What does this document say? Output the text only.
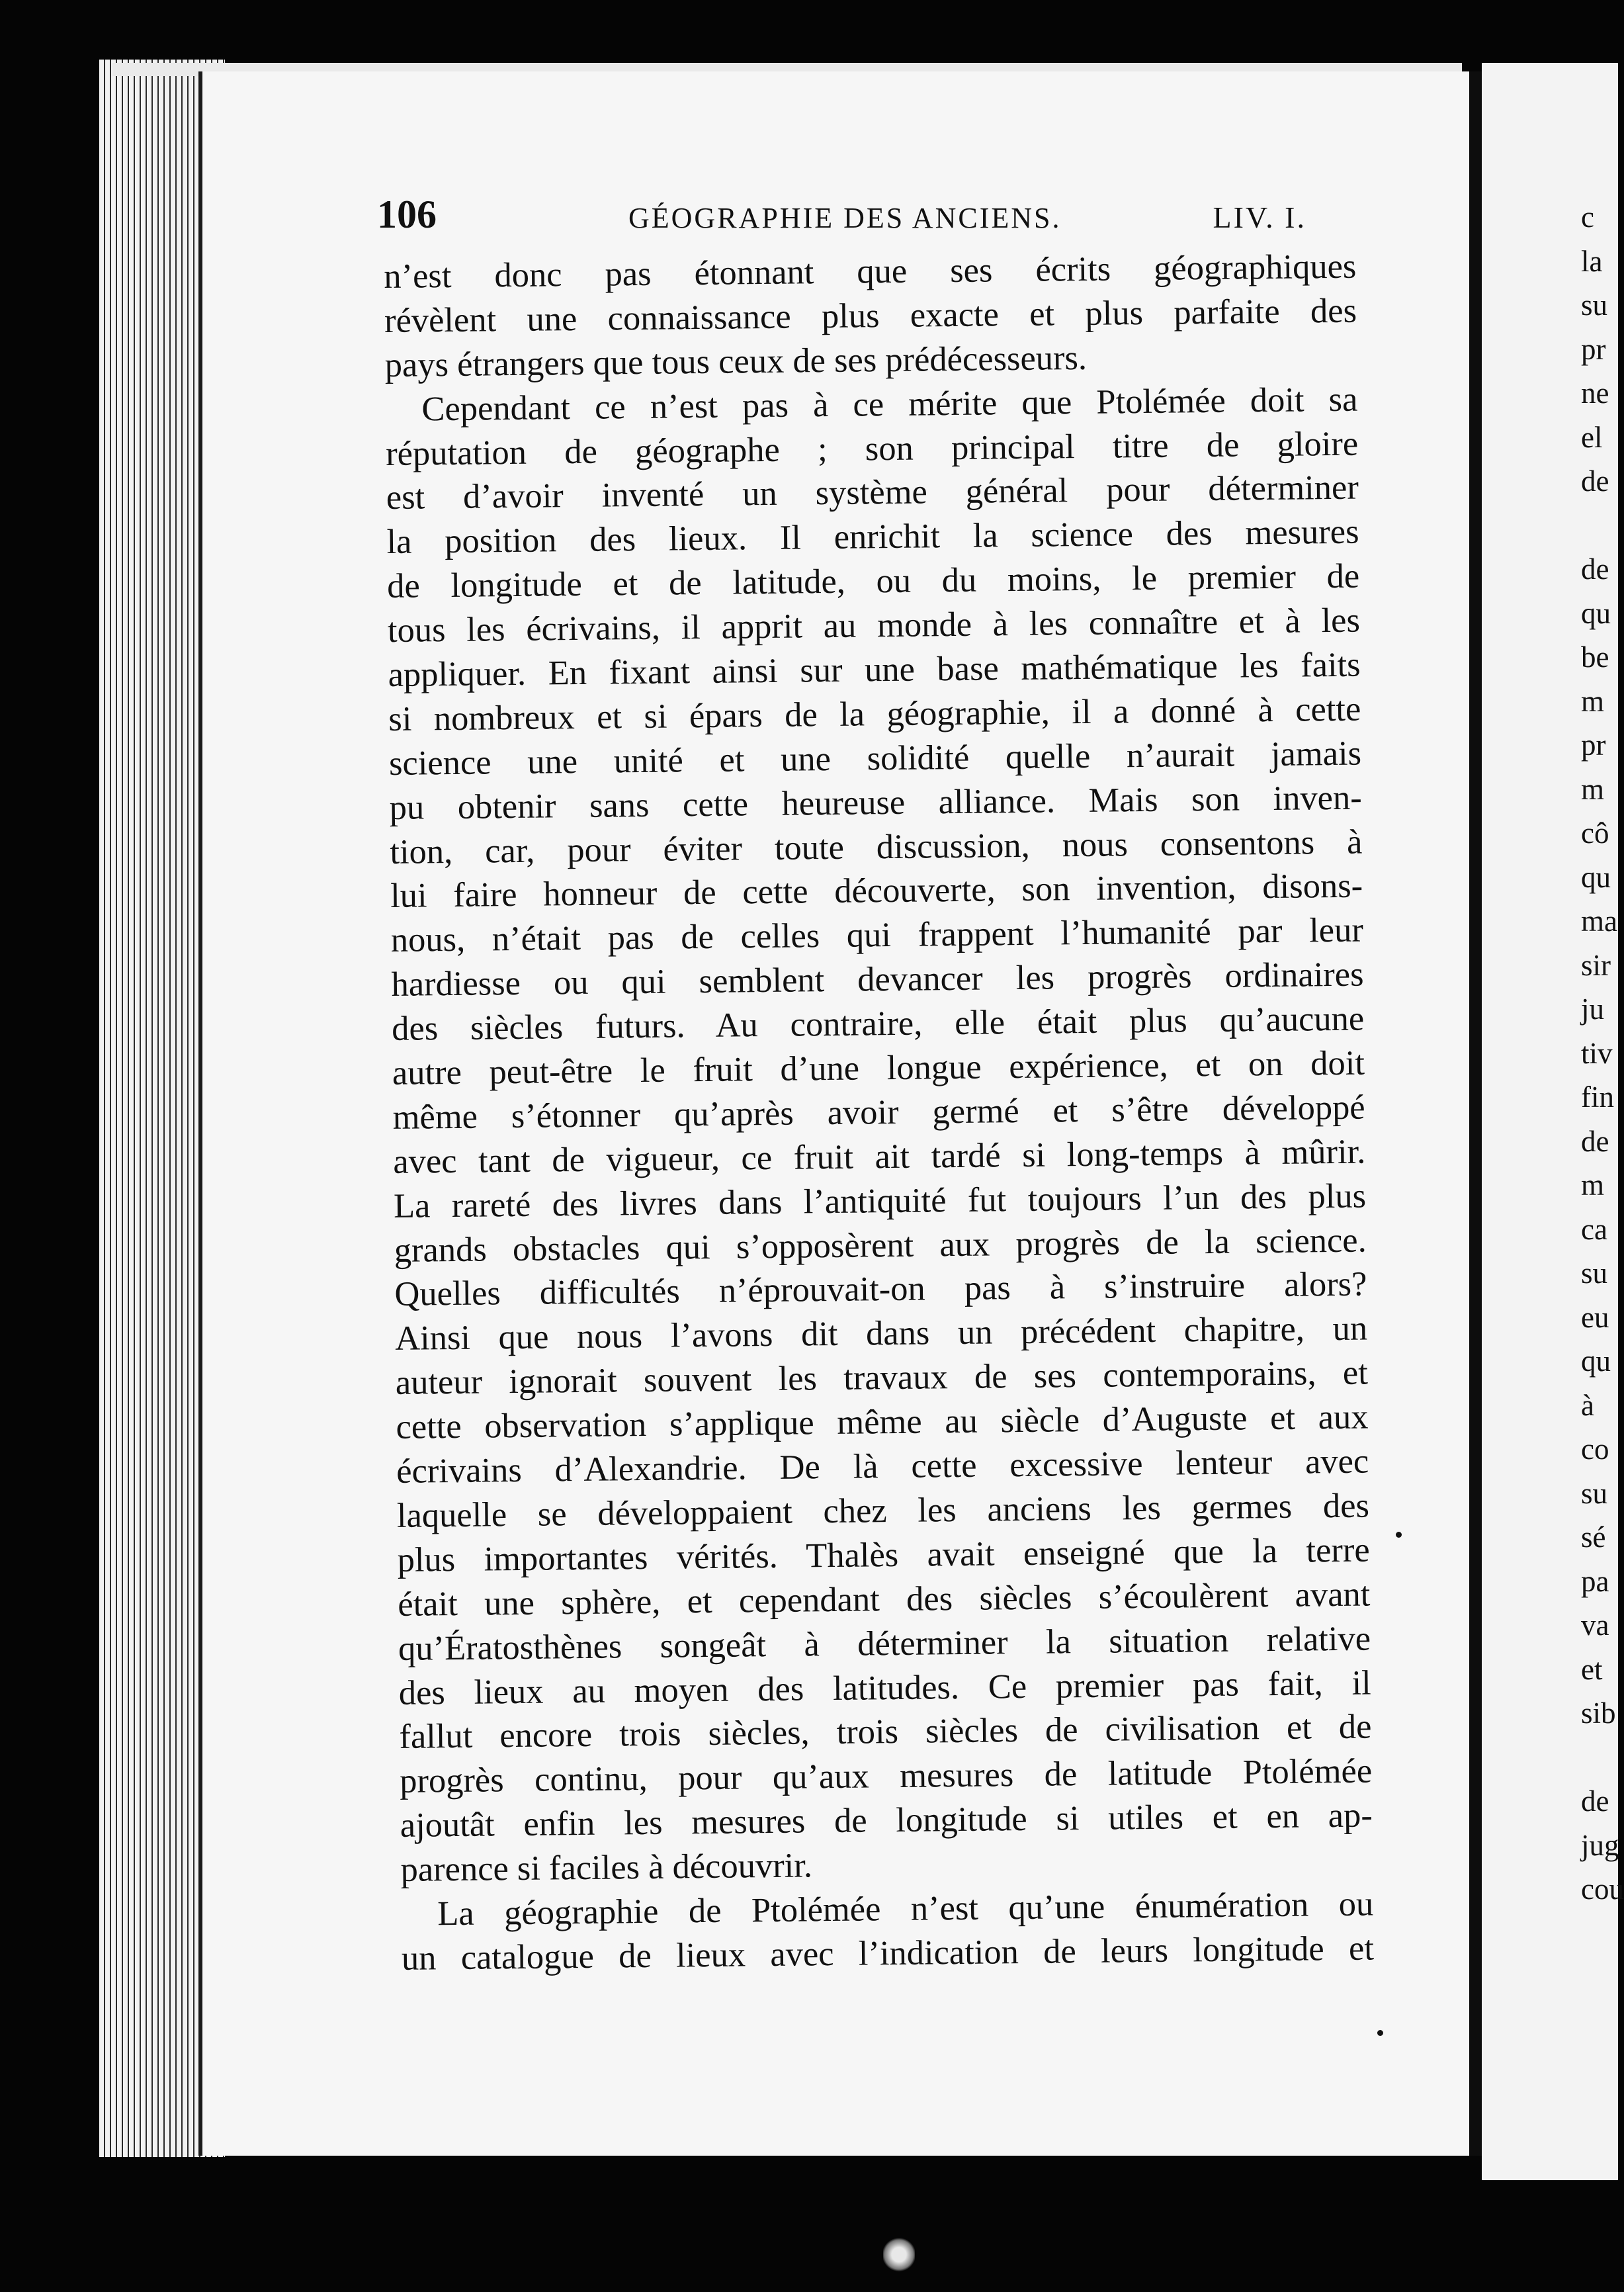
c
la
su
pr
ne
el
de
de
qu
be
m
pr
m
cô
qu
ma
sir
ju
tiv
fin
de
m
ca
su
eu
qu
à
co
su
sé
pa
va
et
sib
de
jug
cou
106	GÉOGRAPHIE DES ANCIENS.	LIV. I.
n’est donc pas étonnant que ses écrits géographiques
révèlent une connaissance plus exacte et plus parfaite des
pays étrangers que tous ceux de ses prédécesseurs.
Cependant ce n’est pas à ce mérite que Ptolémée doit sa
réputation de géographe ; son principal titre de gloire
est d’avoir inventé un système général pour déterminer
la position des lieux. Il enrichit la science des mesures
de longitude et de latitude, ou du moins, le premier de
tous les écrivains, il apprit au monde à les connaître et à les
appliquer. En fixant ainsi sur une base mathématique les faits
si nombreux et si épars de la géographie, il a donné à cette
science une unité et une solidité quelle n’aurait jamais
pu obtenir sans cette heureuse alliance. Mais son inven-
tion, car, pour éviter toute discussion, nous consentons à
lui faire honneur de cette découverte, son invention, disons-
nous, n’était pas de celles qui frappent l’humanité par leur
hardiesse ou qui semblent devancer les progrès ordinaires
des siècles futurs. Au contraire, elle était plus qu’aucune
autre peut-être le fruit d’une longue expérience, et on doit
même s’étonner qu’après avoir germé et s’être développé
avec tant de vigueur, ce fruit ait tardé si long-temps à mûrir.
La rareté des livres dans l’antiquité fut toujours l’un des plus
grands obstacles qui s’opposèrent aux progrès de la science.
Quelles difficultés n’éprouvait-on pas à s’instruire alors?
Ainsi que nous l’avons dit dans un précédent chapitre, un
auteur ignorait souvent les travaux de ses contemporains, et
cette observation s’applique même au siècle d’Auguste et aux
écrivains d’Alexandrie. De là cette excessive lenteur avec
laquelle se développaient chez les anciens les germes des
plus importantes vérités. Thalès avait enseigné que la terre
était une sphère, et cependant des siècles s’écoulèrent avant
qu’Ératosthènes songeât à déterminer la situation relative
des lieux au moyen des latitudes. Ce premier pas fait, il
fallut encore trois siècles, trois siècles de civilisation et de
progrès continu, pour qu’aux mesures de latitude Ptolémée
ajoutât enfin les mesures de longitude si utiles et en ap-
parence si faciles à découvrir.
La géographie de Ptolémée n’est qu’une énumération ou
un catalogue de lieux avec l’indication de leurs longitude et
